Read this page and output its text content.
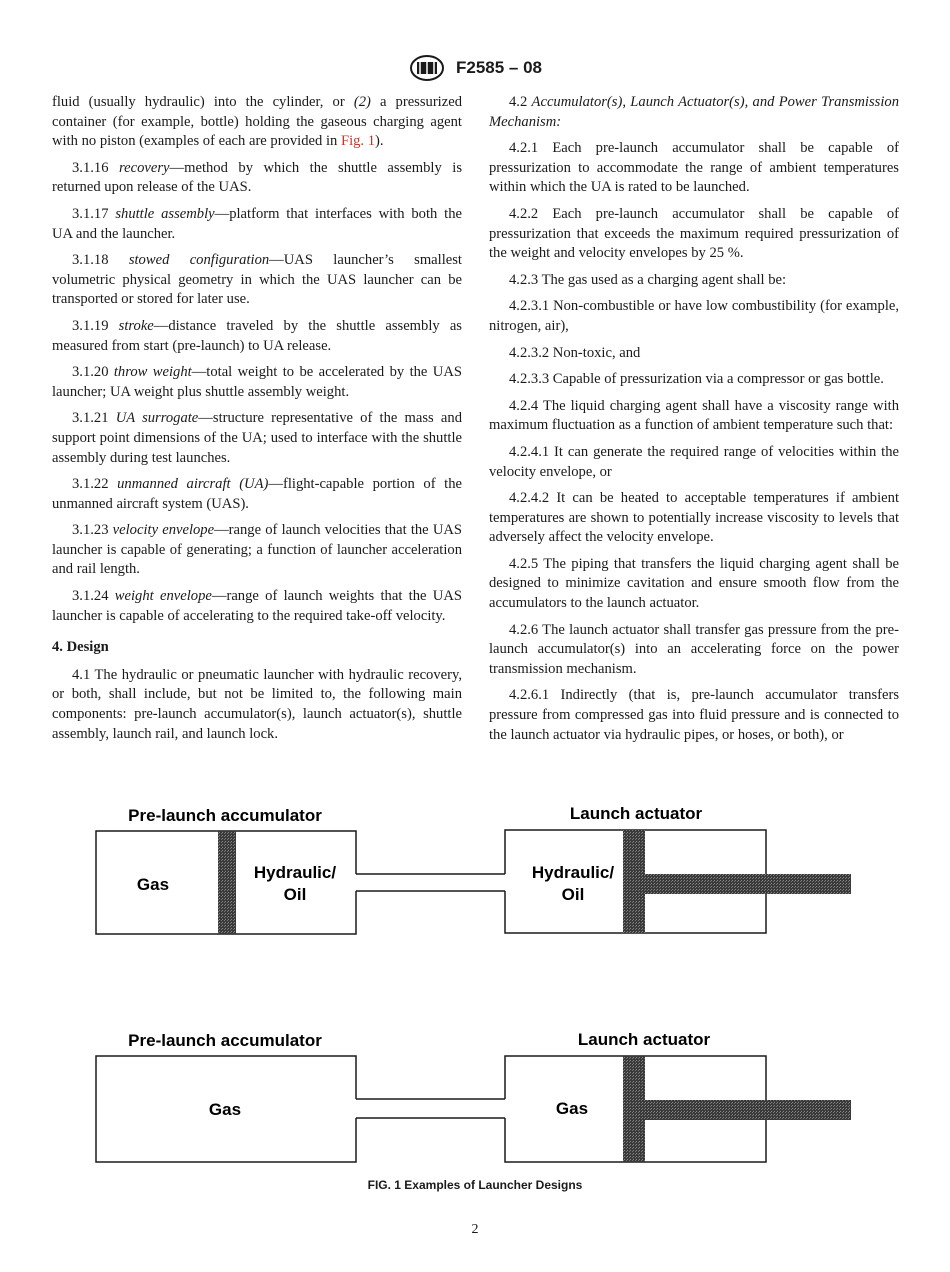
F2585 – 08

fluid (usually hydraulic) into the cylinder, or (2) a pressurized container (for example, bottle) holding the gaseous charging agent with no piston (examples of each are provided in Fig. 1).

3.1.16 recovery—method by which the shuttle assembly is returned upon release of the UAS.

3.1.17 shuttle assembly—platform that interfaces with both the UA and the launcher.

3.1.18 stowed configuration—UAS launcher’s smallest volumetric physical geometry in which the UAS launcher can be transported or stored for later use.

3.1.19 stroke—distance traveled by the shuttle assembly as measured from start (pre-launch) to UA release.

3.1.20 throw weight—total weight to be accelerated by the UAS launcher; UA weight plus shuttle assembly weight.

3.1.21 UA surrogate—structure representative of the mass and support point dimensions of the UA; used to interface with the shuttle assembly during test launches.

3.1.22 unmanned aircraft (UA)—flight-capable portion of the unmanned aircraft system (UAS).

3.1.23 velocity envelope—range of launch velocities that the UAS launcher is capable of generating; a function of launcher acceleration and rail length.

3.1.24 weight envelope—range of launch weights that the UAS launcher is capable of accelerating to the required take-off velocity.

4. Design

4.1 The hydraulic or pneumatic launcher with hydraulic recovery, or both, shall include, but not be limited to, the following main components: pre-launch accumulator(s), launch actuator(s), shuttle assembly, launch rail, and launch lock.

4.2 Accumulator(s), Launch Actuator(s), and Power Transmission Mechanism:

4.2.1 Each pre-launch accumulator shall be capable of pressurization to accommodate the range of ambient temperatures within which the UA is rated to be launched.

4.2.2 Each pre-launch accumulator shall be capable of pressurization that exceeds the maximum required pressurization of the weight and velocity envelopes by 25 %.

4.2.3 The gas used as a charging agent shall be:

4.2.3.1 Non-combustible or have low combustibility (for example, nitrogen, air),

4.2.3.2 Non-toxic, and

4.2.3.3 Capable of pressurization via a compressor or gas bottle.

4.2.4 The liquid charging agent shall have a viscosity range with maximum fluctuation as a function of ambient temperature such that:

4.2.4.1 It can generate the required range of velocities within the velocity envelope, or

4.2.4.2 It can be heated to acceptable temperatures if ambient temperatures are shown to potentially increase viscosity to levels that adversely affect the velocity envelope.

4.2.5 The piping that transfers the liquid charging agent shall be designed to minimize cavitation and ensure smooth flow from the accumulators to the launch actuator.

4.2.6 The launch actuator shall transfer gas pressure from the pre-launch accumulator(s) into an accelerating force on the power transmission mechanism.

4.2.6.1 Indirectly (that is, pre-launch accumulator transfers pressure from compressed gas into fluid pressure and is connected to the launch actuator via hydraulic pipes, or hoses, or both), or

Pre-launch accumulator	Launch actuator
Gas
Hydraulic/
Oil
Hydraulic/
Oil
Pre-launch accumulator	Launch actuator
Gas	Gas
FIG. 1 Examples of Launcher Designs
2
